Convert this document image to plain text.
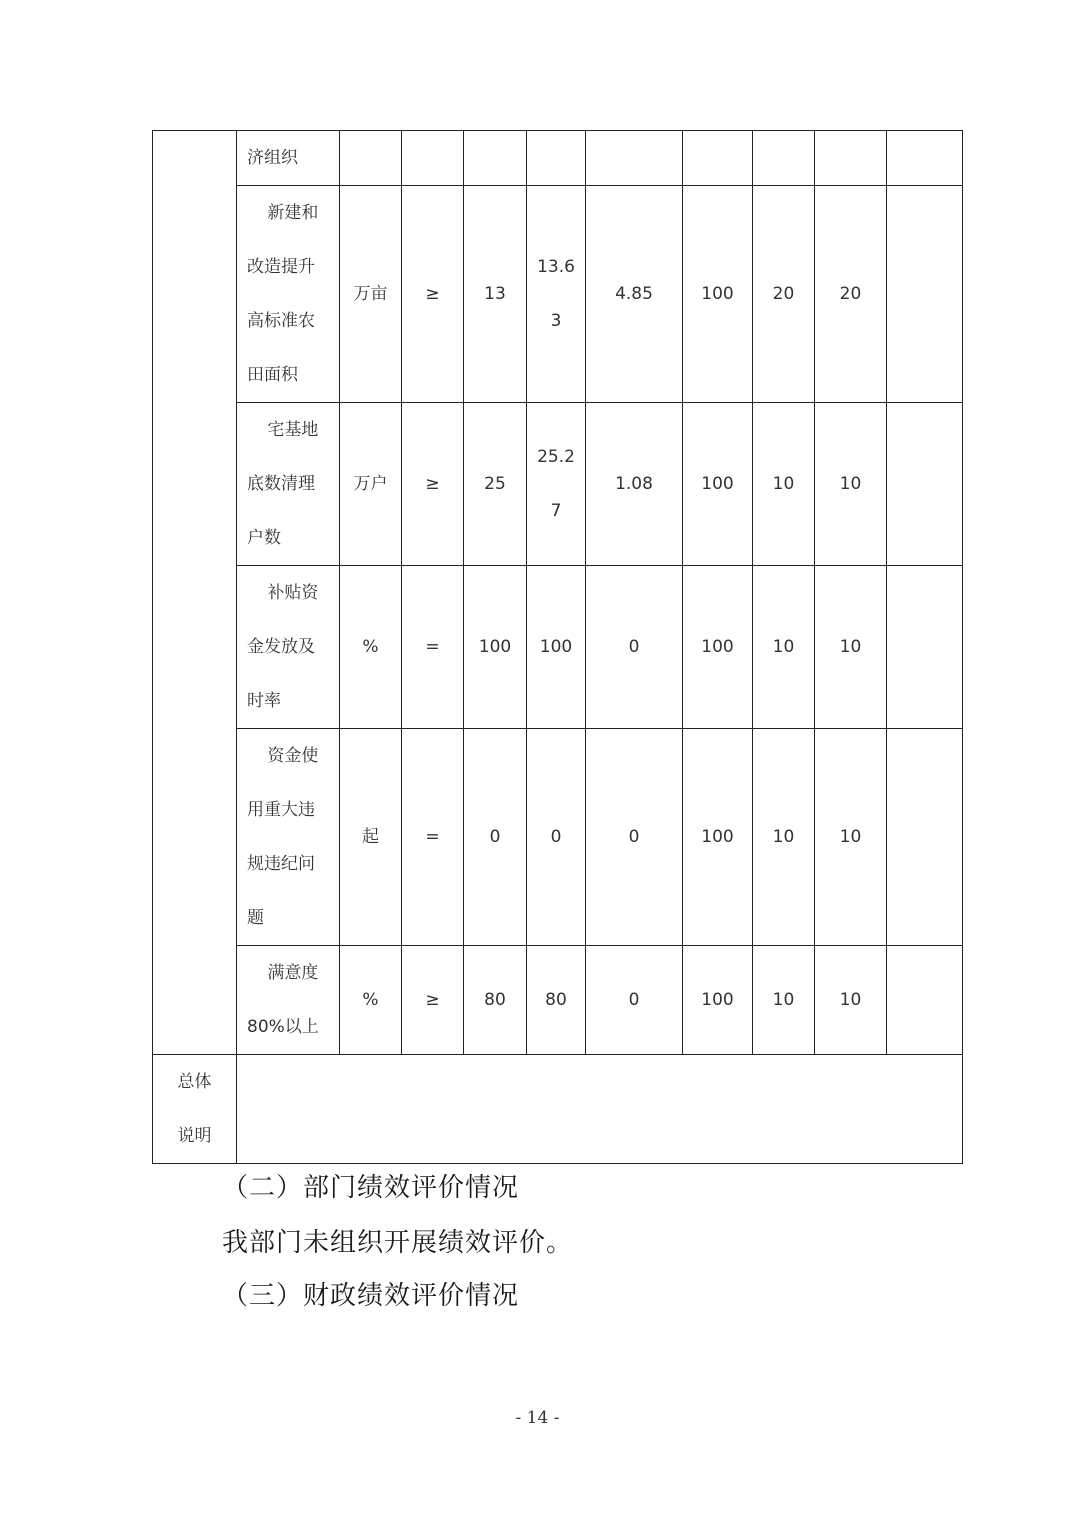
	济组织									
	新建和改造提升高标准农田面积	万亩	≥	13	13.63	4.85	100	20	20	
	宅基地底数清理户数	万户	≥	25	25.27	1.08	100	10	10	
	补贴资金发放及时率	%	=	100	100	0	100	10	10	
	资金使用重大违规违纪问题	起	=	0	0	0	100	10	10	
	满意度80%以上	%	≥	80	80	0	100	10	10	
总体说明										
（二）部门绩效评价情况
我部门未组织开展绩效评价。
（三）财政绩效评价情况
- 14 -
